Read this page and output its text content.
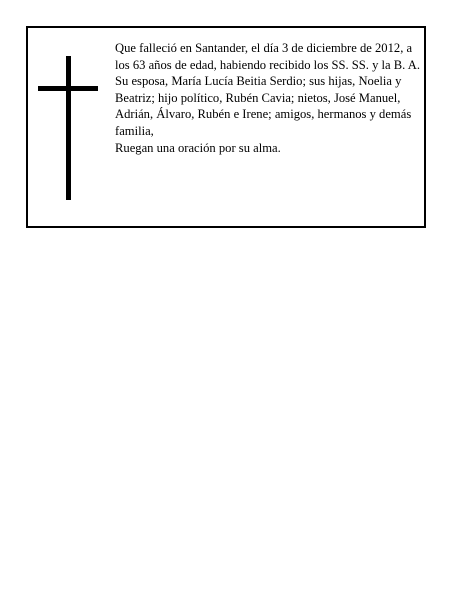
Que falleció en Santander, el día 3 de diciembre de 2012, a los 63 años de edad, habiendo recibido los SS. SS. y la B. A.

Su esposa, María Lucía Beitia Serdio; sus hijas, Noelia y Beatriz; hijo político, Rubén Cavia; nietos, José Manuel, Adrián, Álvaro, Rubén e Irene; amigos, hermanos y demás familia,

Ruegan una oración por su alma.
